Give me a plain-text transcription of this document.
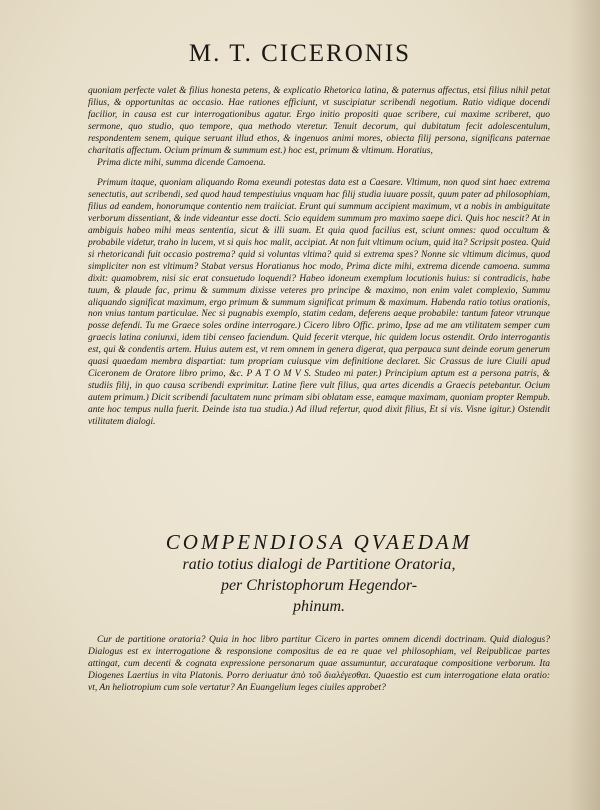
M. T. CICERONIS

quoniam perfecte valet & filius honesta petens, & explicatio Rhetorica latina, & paternus affectus, etsi filius nihil petat filius, & opportunitas ac occasio. Hae rationes efficiunt, vt suscipiatur scribendi negotium. Ratio vidique docendi facilior, in causa est cur interrogationibus agatur. Ergo initio propositi quae scribere, cui maxime scriberet, quo sermone, quo studio, quo tempore, qua methodo vteretur. Tenuit decorum, qui dubitatum fecit adolescentulum, respondentem senem, quique seruant illud ethos, & ingenuos animi mores, obiecta filij persona, significans paternae charitatis affectum. Ocium primum & summum est.) hoc est, primum & vltimum. Horatius,

Prima dicte mihi, summa dicende Camoena.

Primum itaque, quoniam aliquando Roma exeundi potestas data est a Caesare. Vltimum, non quod sint haec extrema senectutis, aut scribendi, sed quod haud tempestiuius vnquam hac filij studia iuuare possit, quum pater ad philosophiam, filius ad eandem, honorumque contentio nem traiiciat. Erunt qui summum accipient maximum, vt a nobis in ambiguitate verborum dissentiant, & inde videantur esse docti. Scio equidem summum pro maximo saepe dici. Quis hoc nescit? At in ambiguis habeo mihi meas sententia, sicut & illi suam. Et quia quod facilius est, sciunt omnes: quod occultum & probabile videtur, traho in lucem, vt si quis hoc malit, accipiat. At non fuit vltimum ocium, quid ita? Scripsit postea. Quid si rhetoricandi fuit occasio postrema? quid si voluntas vltima? quid si extrema spes? Nonne sic vltimum dicimus, quod simpliciter non est vltimum? Stabat versus Horatianus hoc modo, Prima dicte mihi, extrema dicende camoena. summa dixit: quamobrem, nisi sic erat consuetudo loquendi? Habeo idoneum exemplum locutionis huius: si contradicis, habe tuum, & plaude fac, primu & summum dixisse veteres pro principe & maximo, non enim valet complexio, Summu aliquando significat maximum, ergo primum & summum significat primum & maximum. Habenda ratio totius orationis, non vnius tantum particulae. Nec si pugnabis exemplo, statim cedam, deferens aeque probabile: tantum fateor vtrunque posse defendi. Tu me Graece soles ordine interrogare.) Cicero libro Offic. primo, Ipse ad me am vtilitatem semper cum graecis latina coniunxi, idem tibi censeo faciendum. Quid fecerit vterque, hic quidem locus ostendit. Ordo interrogantis est, qui & condentis artem. Huius autem est, vt rem omnem in genera digerat, qua perpauca sunt deinde eorum generum quasi quaedam membra dispartiat: tum propriam cuiusque vim definitione declaret. Sic Crassus de iure Ciuili apud Ciceronem de Oratore libro primo, &c. P A T O M V S. Studeo mi pater.) Principium aptum est a persona patris, & studiis filij, in quo causa scribendi exprimitur. Latine fiere vult filius, qua artes dicendis a Graecis petebantur. Ocium autem primum.) Dicit scribendi facultatem nunc primam sibi oblatam esse, eamque maximam, quoniam propter Rempub. ante hoc tempus nulla fuerit. Deinde ista tua studia.) Ad illud refertur, quod dixit filius, Et si vis. Visne igitur.) Ostendit vtilitatem dialogi.

COMPENDIOSA QVAEDAM
ratio totius dialogi de Partitione Oratoria,
per Christophorum Hegendor-
phinum.

Cur de partitione oratoria? Quia in hoc libro partitur Cicero in partes omnem dicendi doctrinam. Quid dialogus? Dialogus est ex interrogatione & responsione compositus de ea re quae vel philosophiam, vel Reipublicae partes attingat, cum decenti & cognata expressione personarum quae assumuntur, accurataque compositione verborum. Ita Diogenes Laertius in vita Platonis. Porro deriuatur ἀπὸ τοῦ διαλέγεσθαι. Quaestio est cum interrogatione elata oratio: vt, An heliotropium cum sole vertatur? An Euangelium leges ciuiles approbet?
